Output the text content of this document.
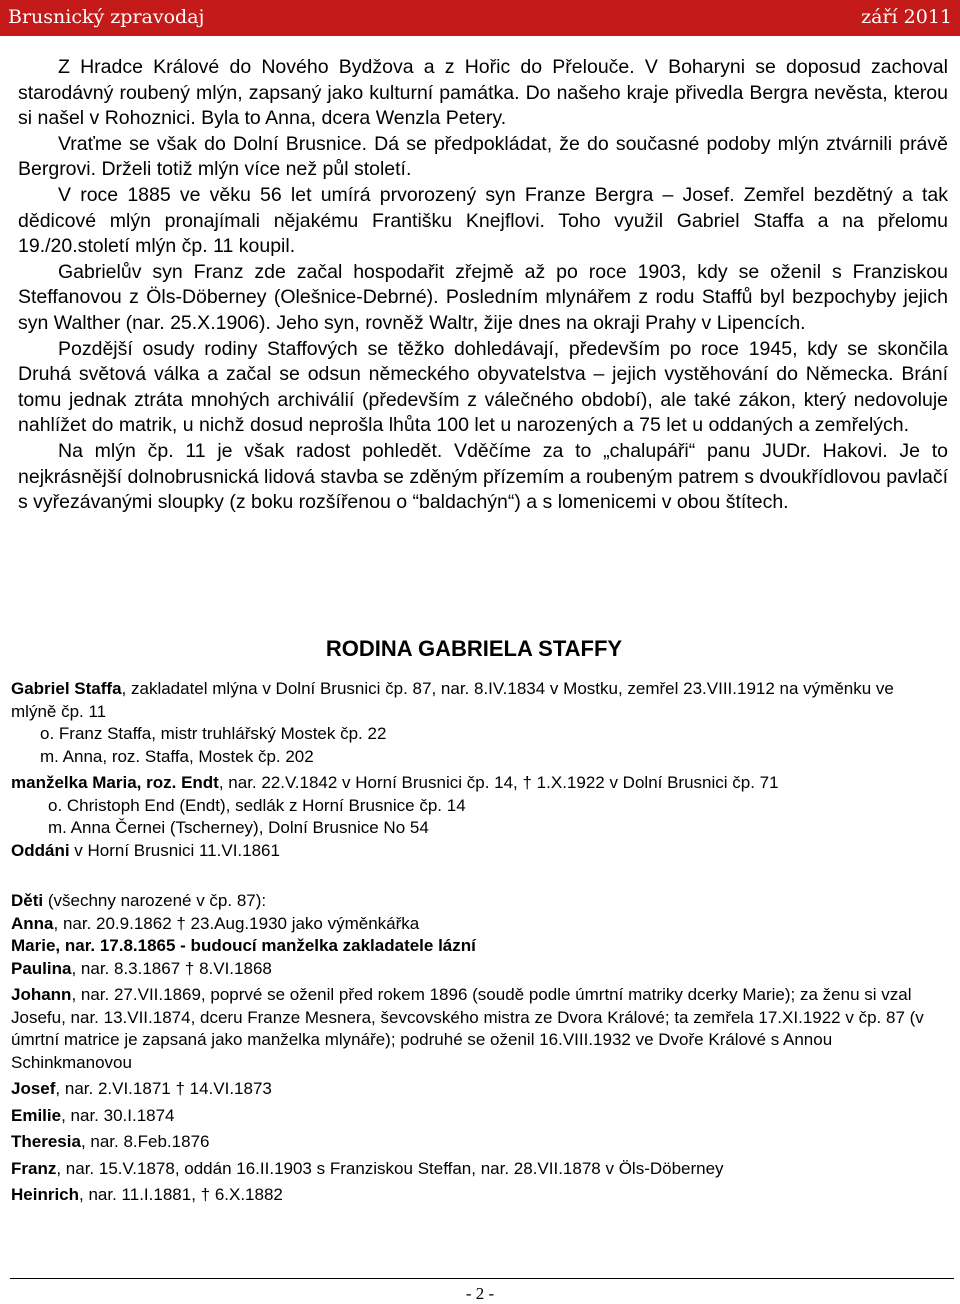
Brusnický zpravodaj	září 2011

Z Hradce Králové do Nového Bydžova a z Hořic do Přelouče. V Boharyni se doposud zachoval starodávný roubený mlýn, zapsaný jako kulturní památka. Do našeho kraje přivedla Bergra nevěsta, kterou si našel v Rohoznici. Byla to Anna, dcera Wenzla Petery.

Vraťme se však do Dolní Brusnice. Dá se předpokládat, že do současné podoby mlýn ztvárnili právě Bergrovi. Drželi totiž mlýn více než půl století.

V roce 1885 ve věku 56 let umírá prvorozený syn Franze Bergra – Josef. Zemřel bezdětný a tak dědicové mlýn pronajímali nějakému Františku Knejflovi. Toho využil Gabriel Staffa a na přelomu 19./20.století mlýn čp. 11 koupil.

Gabrielův syn Franz zde začal hospodařit zřejmě až po roce 1903, kdy se oženil s Franziskou Steffanovou z Öls-Döberney (Olešnice-Debrné). Posledním mlynářem z rodu Staffů byl bezpochyby jejich syn Walther (nar. 25.X.1906). Jeho syn, rovněž Waltr, žije dnes na okraji Prahy v Lipencích.

Pozdější osudy rodiny Staffových se těžko dohledávají, především po roce 1945, kdy se skončila Druhá světová válka a začal se odsun německého obyvatelstva – jejich vystěhování do Německa. Brání tomu jednak ztráta mnohých archiválií (především z válečného období), ale také zákon, který nedovoluje nahlížet do matrik, u nichž dosud neprošla lhůta 100 let u narozených a 75 let u oddaných a zemřelých.

Na mlýn čp. 11 je však radost pohledět. Vděčíme za to „chalupáři“ panu JUDr. Hakovi. Je to nejkrásnější dolnobrusnická lidová stavba se zděným přízemím a roubeným patrem s dvoukřídlovou pavlačí s vyřezávanými sloupky (z boku rozšířenou o “baldachýn“) a s lomenicemi v obou štítech.

RODINA GABRIELA STAFFY
Gabriel Staffa, zakladatel mlýna v Dolní Brusnici čp. 87, nar. 8.IV.1834 v Mostku, zemřel 23.VIII.1912 na výměnku ve mlýně čp. 11
o. Franz Staffa, mistr truhlářský Mostek čp. 22
m. Anna, roz. Staffa, Mostek čp. 202
manželka Maria, roz. Endt, nar. 22.V.1842 v Horní Brusnici čp. 14, † 1.X.1922 v Dolní Brusnici čp. 71
o. Christoph End (Endt), sedlák z Horní Brusnice čp. 14
m. Anna Černei (Tscherney), Dolní Brusnice No 54
Oddáni v Horní Brusnici 11.VI.1861
Děti (všechny narozené v čp. 87):
Anna, nar. 20.9.1862 † 23.Aug.1930 jako výměnkářka
Marie, nar. 17.8.1865 - budoucí manželka zakladatele lázní
Paulina, nar. 8.3.1867 † 8.VI.1868
Johann, nar. 27.VII.1869, poprvé se oženil před rokem 1896 (soudě podle úmrtní matriky dcerky Marie); za ženu si vzal Josefu, nar. 13.VII.1874, dceru Franze Mesnera, ševcovského mistra ze Dvora Králové; ta zemřela 17.XI.1922 v čp. 87 (v úmrtní matrice je zapsaná jako manželka mlynáře); podruhé se oženil 16.VIII.1932 ve Dvoře Králové s Annou Schinkmanovou
Josef, nar. 2.VI.1871 † 14.VI.1873
Emilie, nar. 30.I.1874
Theresia, nar. 8.Feb.1876
Franz, nar. 15.V.1878, oddán 16.II.1903 s Franziskou Steffan, nar. 28.VII.1878 v Öls-Döberney
Heinrich, nar. 11.I.1881, † 6.X.1882
- 2 -
